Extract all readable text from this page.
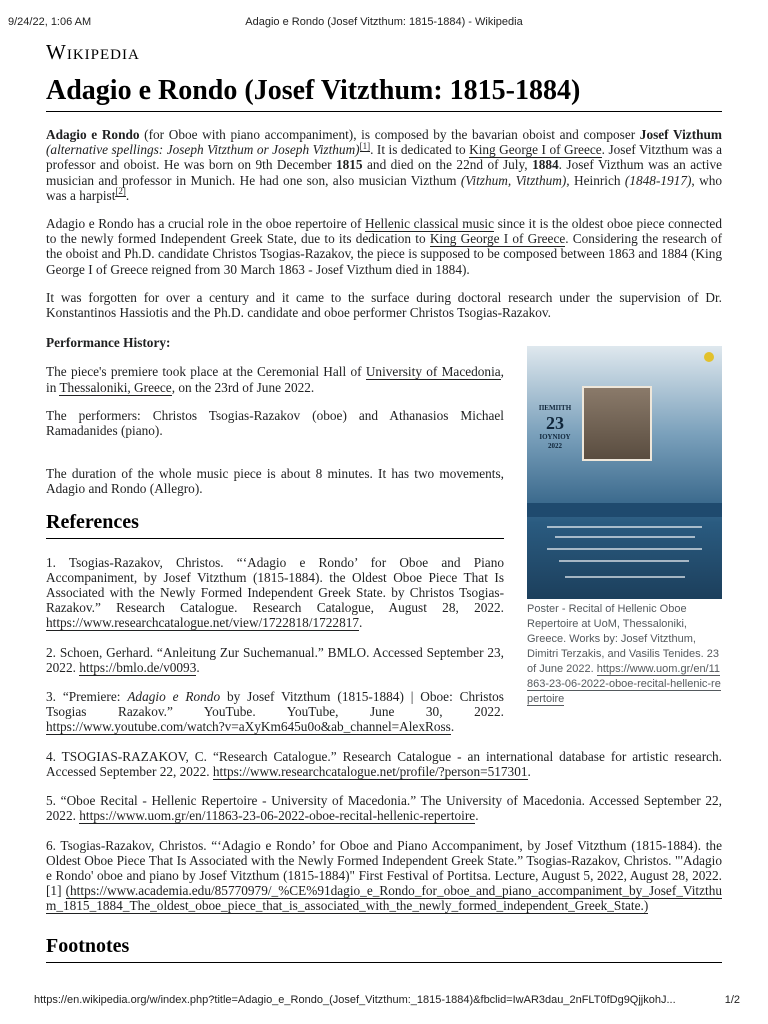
9/24/22, 1:06 AM	Adagio e Rondo (Josef Vitzthum: 1815-1884) - Wikipedia
Wikipedia
Adagio e Rondo (Josef Vitzthum: 1815-1884)

Adagio e Rondo (for Oboe with piano accompaniment), is composed by the bavarian oboist and composer Josef Vizthum (alternative spellings: Joseph Vitzthum or Joseph Vizthum)[1]. It is dedicated to King George I of Greece. Josef Vitzthum was a professor and oboist. He was born on 9th December 1815 and died on the 22nd of July, 1884. Josef Vizthum was an active musician and professor in Munich. He had one son, also musician Vizthum (Vitzhum, Vitzthum), Heinrich (1848-1917), who was a harpist[2].

Adagio e Rondo has a crucial role in the oboe repertoire of Hellenic classical music since it is the oldest oboe piece connected to the newly formed Independent Greek State, due to its dedication to King George I of Greece. Considering the research of the oboist and Ph.D. candidate Christos Tsogias-Razakov, the piece is supposed to be composed between 1863 and 1884 (King George I of Greece reigned from 30 March 1863 - Josef Vizthum died in 1884).

It was forgotten for over a century and it came to the surface during doctoral research under the supervision of Dr. Konstantinos Hassiotis and the Ph.D. candidate and oboe performer Christos Tsogias-Razakov.

Performance History:

The piece's premiere took place at the Ceremonial Hall of University of Macedonia, in Thessaloniki, Greece, on the 23rd of June 2022.

The performers: Christos Tsogias-Razakov (oboe) and Athanasios Michael Ramadanides (piano).

The duration of the whole music piece is about 8 minutes. It has two movements, Adagio and Rondo (Allegro).

ΠΕΜΠΤΗ
23
ΙΟΥΝΙΟΥ
2022
Poster - Recital of Hellenic Oboe Repertoire at UoM, Thessaloniki, Greece. Works by: Josef Vitzthum, Dimitri Terzakis, and Vasilis Tenides. 23 of June 2022. https://www.uom.gr/en/11863-23-06-2022-oboe-recital-hellenic-repertoire
References

1. Tsogias-Razakov, Christos. “‘Adagio e Rondo’ for Oboe and Piano Accompaniment, by Josef Vitzthum (1815-1884). the Oldest Oboe Piece That Is Associated with the Newly Formed Independent Greek State. by Christos Tsogias-Razakov.” Research Catalogue. Research Catalogue, August 28, 2022. https://www.researchcatalogue.net/view/1722818/1722817.

2. Schoen, Gerhard. “Anleitung Zur Suchemanual.” BMLO. Accessed September 23, 2022. https://bmlo.de/v0093.

3. “Premiere: Adagio e Rondo by Josef Vitzthum (1815-1884) | Oboe: Christos Tsogias Razakov.” YouTube. YouTube, June 30, 2022. https://www.youtube.com/watch?v=aXyKm645u0o&ab_channel=AlexRoss.

4. TSOGIAS-RAZAKOV, C. “Research Catalogue.” Research Catalogue - an international database for artistic research. Accessed September 22, 2022. https://www.researchcatalogue.net/profile/?person=517301.

5. “Oboe Recital - Hellenic Repertoire - University of Macedonia.” The University of Macedonia. Accessed September 22, 2022. https://www.uom.gr/en/11863-23-06-2022-oboe-recital-hellenic-repertoire.

6. Tsogias-Razakov, Christos. “‘Adagio e Rondo’ for Oboe and Piano Accompaniment, by Josef Vitzthum (1815-1884). the Oldest Oboe Piece That Is Associated with the Newly Formed Independent Greek State.” Tsogias-Razakov, Christos. "'Adagio e Rondo' oboe and piano by Josef Vitzthum (1815-1884)" First Festival of Portitsa. Lecture, August 5, 2022, August 28, 2022. [1] (https://www.academia.edu/85770979/_%CE%91dagio_e_Rondo_for_oboe_and_piano_accompaniment_by_Josef_Vitzthum_1815_1884_The_oldest_oboe_piece_that_is_associated_with_the_newly_formed_independent_Greek_State.)

Footnotes
https://en.wikipedia.org/w/index.php?title=Adagio_e_Rondo_(Josef_Vitzthum:_1815-1884)&fbclid=IwAR3dau_2nFLT0fDg9QjjkohJ...	1/2
